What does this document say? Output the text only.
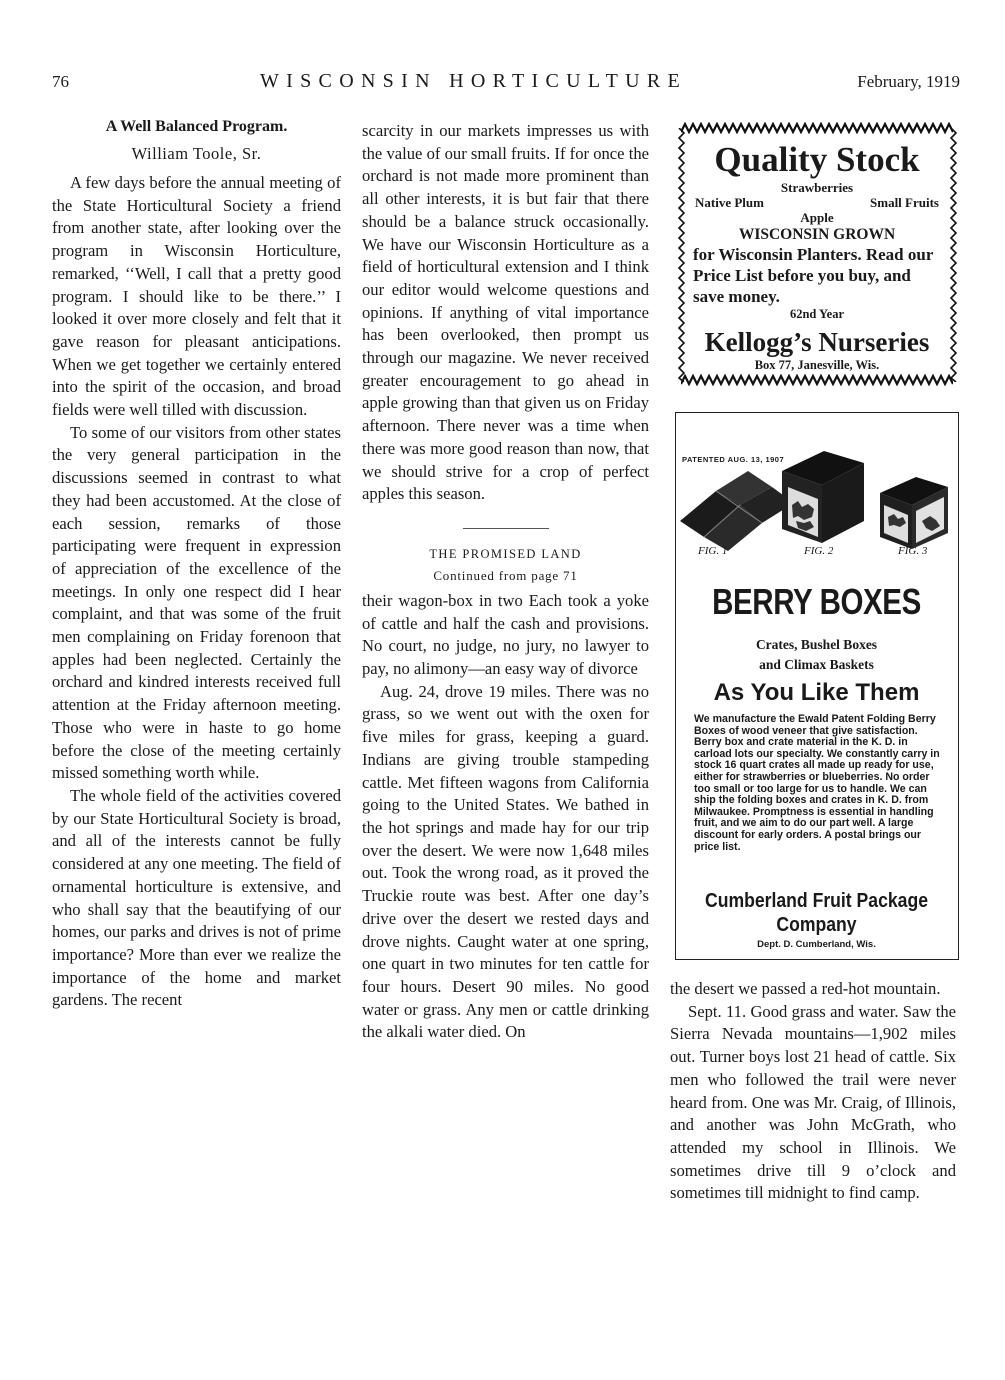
76	WISCONSIN HORTICULTURE	February, 1919
A Well Balanced Program.
William Toole, Sr.

A few days before the annual meeting of the State Horticultural Society a friend from another state, after looking over the program in Wisconsin Horticulture, remarked, ‘‘Well, I call that a pretty good program. I should like to be there.’’ I looked it over more closely and felt that it gave reason for pleasant anticipations. When we get together we certainly entered into the spirit of the occasion, and broad fields were well tilled with discussion.

To some of our visitors from other states the very general participation in the discussions seemed in contrast to what they had been accustomed. At the close of each session, remarks of those participating were frequent in expression of appreciation of the excellence of the meetings. In only one respect did I hear complaint, and that was some of the fruit men complaining on Friday forenoon that apples had been neglected. Certainly the orchard and kindred interests received full attention at the Friday afternoon meeting. Those who were in haste to go home before the close of the meeting certainly missed something worth while.

The whole field of the activities covered by our State Horticultural Society is broad, and all of the interests cannot be fully considered at any one meeting. The field of ornamental horticulture is extensive, and who shall say that the beautifying of our homes, our parks and drives is not of prime importance? More than ever we realize the importance of the home and market gardens. The recent

scarcity in our markets impresses us with the value of our small fruits. If for once the orchard is not made more prominent than all other interests, it is but fair that there should be a balance struck occasionally. We have our Wisconsin Horticulture as a field of horticultural extension and I think our editor would welcome questions and opinions. If anything of vital importance has been overlooked, then prompt us through our magazine. We never received greater encouragement to go ahead in apple growing than that given us on Friday afternoon. There never was a time when there was more good reason than now, that we should strive for a crop of perfect apples this season.

THE PROMISED LAND
Continued from page 71

their wagon-box in two Each took a yoke of cattle and half the cash and provisions. No court, no judge, no jury, no lawyer to pay, no alimony—an easy way of divorce

Aug. 24, drove 19 miles. There was no grass, so we went out with the oxen for five miles for grass, keeping a guard. Indians are giving trouble stampeding cattle. Met fifteen wagons from California going to the United States. We bathed in the hot springs and made hay for our trip over the desert. We were now 1,648 miles out. Took the wrong road, as it proved the Truckie route was best. After one day’s drive over the desert we rested days and drove nights. Caught water at one spring, one quart in two minutes for ten cattle for four hours. Desert 90 miles. No good water or grass. Any men or cattle drinking the alkali water died. On

the desert we passed a red-hot mountain.

Sept. 11. Good grass and water. Saw the Sierra Nevada mountains—1,902 miles out. Turner boys lost 21 head of cattle. Six men who followed the trail were never heard from. One was Mr. Craig, of Illinois, and another was John McGrath, who attended my school in Illinois. We sometimes drive till 9 o’clock and sometimes till midnight to find camp.

Quality Stock
Strawberries
Native Plum	Small Fruits
Apple
WISCONSIN GROWN
for Wisconsin Planters. Read our Price List before you buy, and save money.
62nd Year
Kellogg’s Nurseries
Box 77, Janesville, Wis.
PATENTED AUG. 13, 1907
FIG. 1	FIG. 2	FIG. 3
BERRY BOXES
Crates, Bushel Boxes
and Climax Baskets
As You Like Them
We manufacture the Ewald Patent Folding Berry Boxes of wood veneer that give satisfaction. Berry box and crate material in the K. D. in carload lots our specialty. We constantly carry in stock 16 quart crates all made up ready for use, either for strawberries or blueberries. No order too small or too large for us to handle. We can ship the folding boxes and crates in K. D. from Milwaukee. Promptness is essential in handling fruit, and we aim to do our part well. A large discount for early orders. A postal brings our price list.
Cumberland Fruit Package
Company
Dept. D. Cumberland, Wis.
